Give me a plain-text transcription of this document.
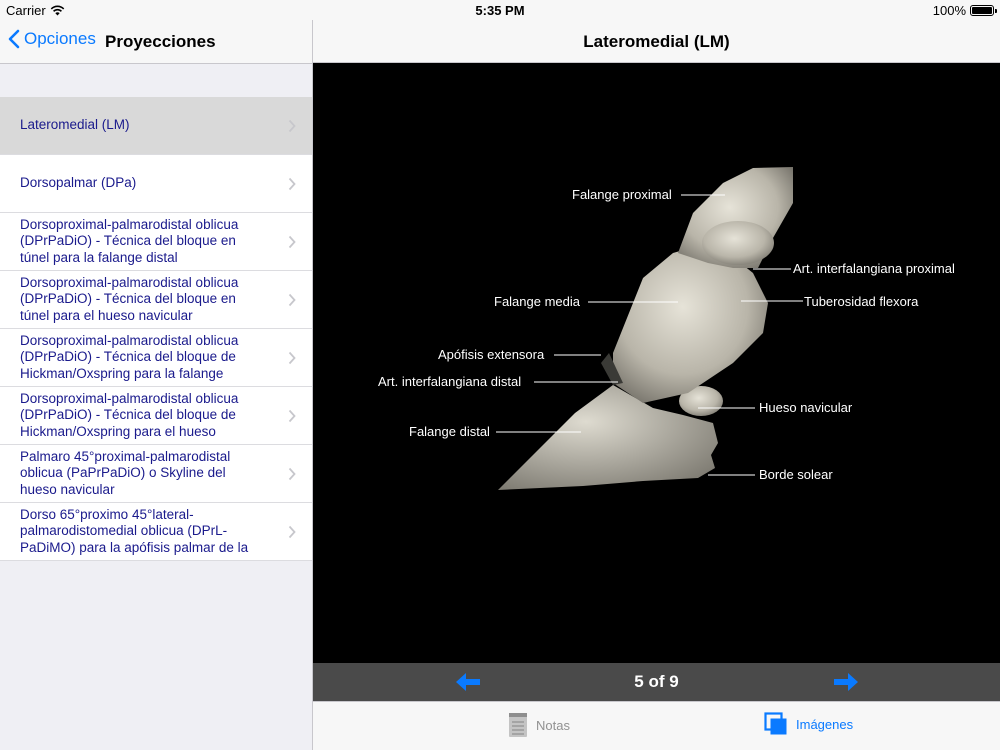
Carrier	5:35 PM	100%
Opciones Proyecciones
Lateromedial (LM)
Dorsopalmar (DPa)
Dorsoproximal-palmarodistal oblicua (DPrPaDiO) - Técnica del bloque en túnel para la falange distal
Dorsoproximal-palmarodistal oblicua (DPrPaDiO) - Técnica del bloque en túnel para el hueso navicular
Dorsoproximal-palmarodistal oblicua (DPrPaDiO) - Técnica del bloque de Hickman/Oxspring para la falange
Dorsoproximal-palmarodistal oblicua (DPrPaDiO) - Técnica del bloque de Hickman/Oxspring para el hueso
Palmaro 45°proximal-palmarodistal oblicua (PaPrPaDiO) o Skyline del hueso navicular
Dorso 65°proximo 45°lateral-palmarodistomedial oblicua (DPrL-PaDiMO) para la apófisis palmar de la
Lateromedial (LM)
Falange proximal
Art. interfalangiana proximal
Falange media	Tuberosidad flexora
Apófisis extensora
Art. interfalangiana distal
Hueso navicular
Falange distal
Borde solear
5 of 9
Notas	Imágenes
